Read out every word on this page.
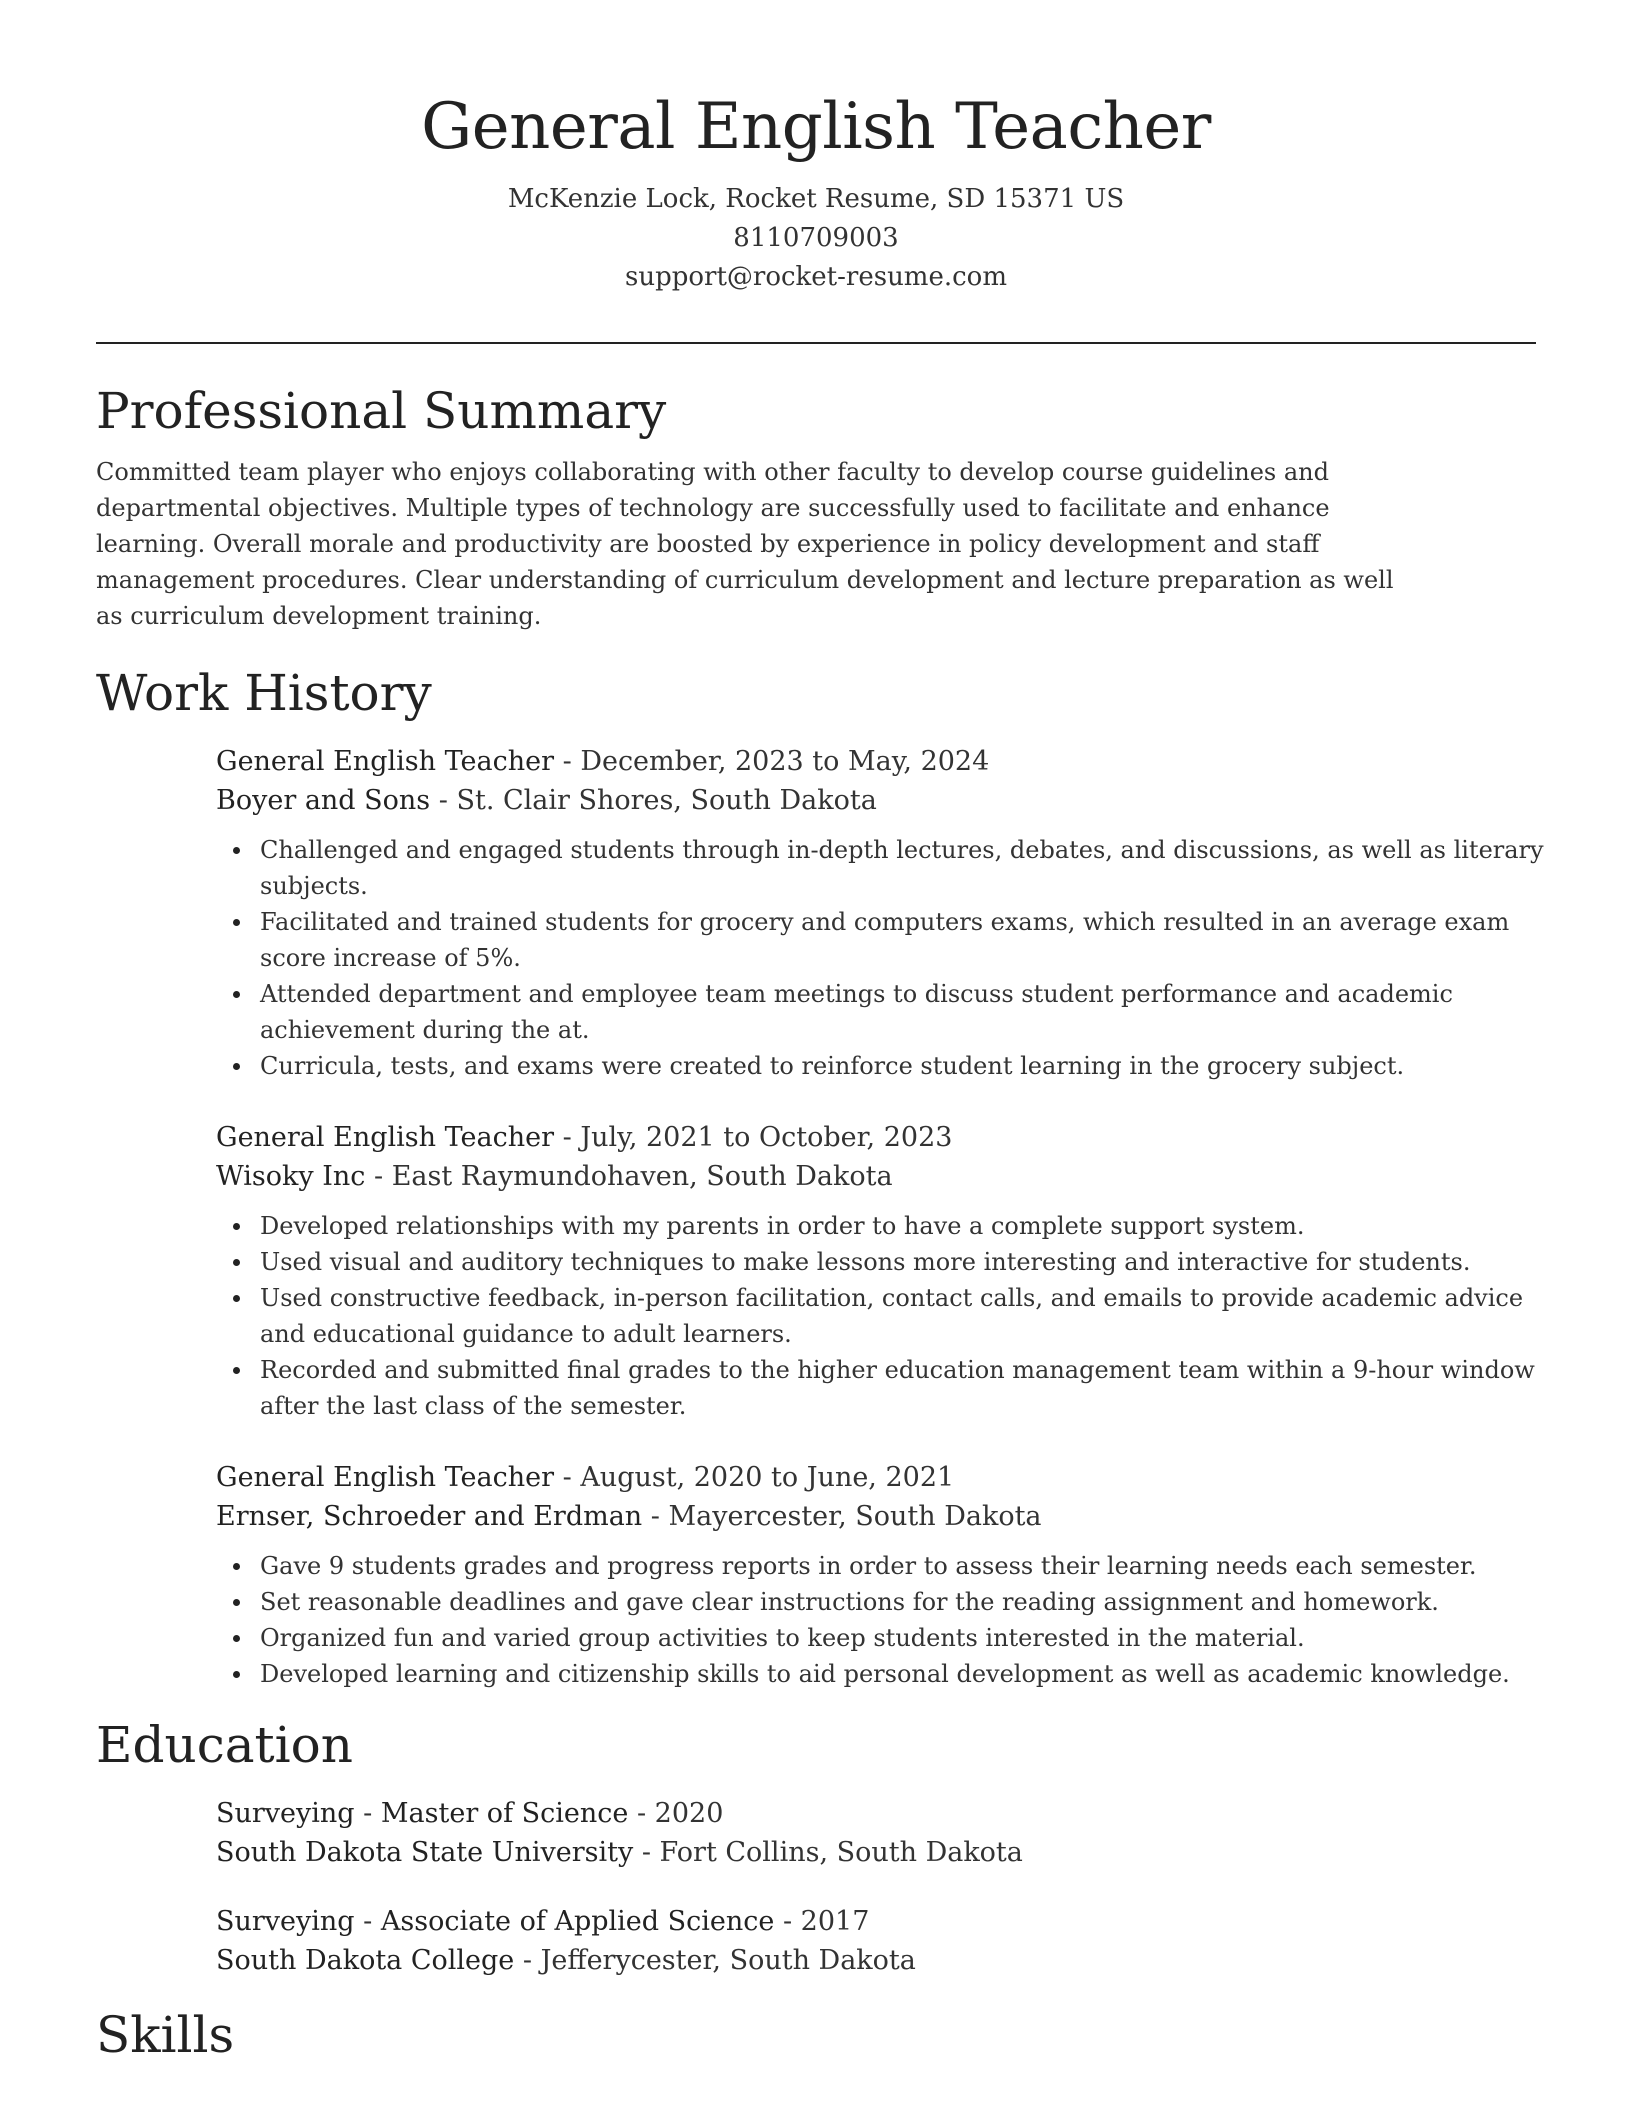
General English Teacher
McKenzie Lock, Rocket Resume, SD 15371 US
8110709003
support@rocket-resume.com
Professional Summary

Committed team player who enjoys collaborating with other faculty to develop course guidelines and departmental objectives. Multiple types of technology are successfully used to facilitate and enhance learning. Overall morale and productivity are boosted by experience in policy development and staff management procedures. Clear understanding of curriculum development and lecture preparation as well as curriculum development training.

Work History
General English Teacher - December, 2023 to May, 2024
Boyer and Sons - St. Clair Shores, South Dakota
Challenged and engaged students through in-depth lectures, debates, and discussions, as well as literary subjects.
Facilitated and trained students for grocery and computers exams, which resulted in an average exam score increase of 5%.
Attended department and employee team meetings to discuss student performance and academic achievement during the at.
Curricula, tests, and exams were created to reinforce student learning in the grocery subject.
General English Teacher - July, 2021 to October, 2023
Wisoky Inc - East Raymundohaven, South Dakota
Developed relationships with my parents in order to have a complete support system.
Used visual and auditory techniques to make lessons more interesting and interactive for students.
Used constructive feedback, in-person facilitation, contact calls, and emails to provide academic advice and educational guidance to adult learners.
Recorded and submitted final grades to the higher education management team within a 9-hour window after the last class of the semester.
General English Teacher - August, 2020 to June, 2021
Ernser, Schroeder and Erdman - Mayercester, South Dakota
Gave 9 students grades and progress reports in order to assess their learning needs each semester.
Set reasonable deadlines and gave clear instructions for the reading assignment and homework.
Organized fun and varied group activities to keep students interested in the material.
Developed learning and citizenship skills to aid personal development as well as academic knowledge.
Education
Surveying - Master of Science - 2020
South Dakota State University - Fort Collins, South Dakota
Surveying - Associate of Applied Science - 2017
South Dakota College - Jefferycester, South Dakota
Skills
